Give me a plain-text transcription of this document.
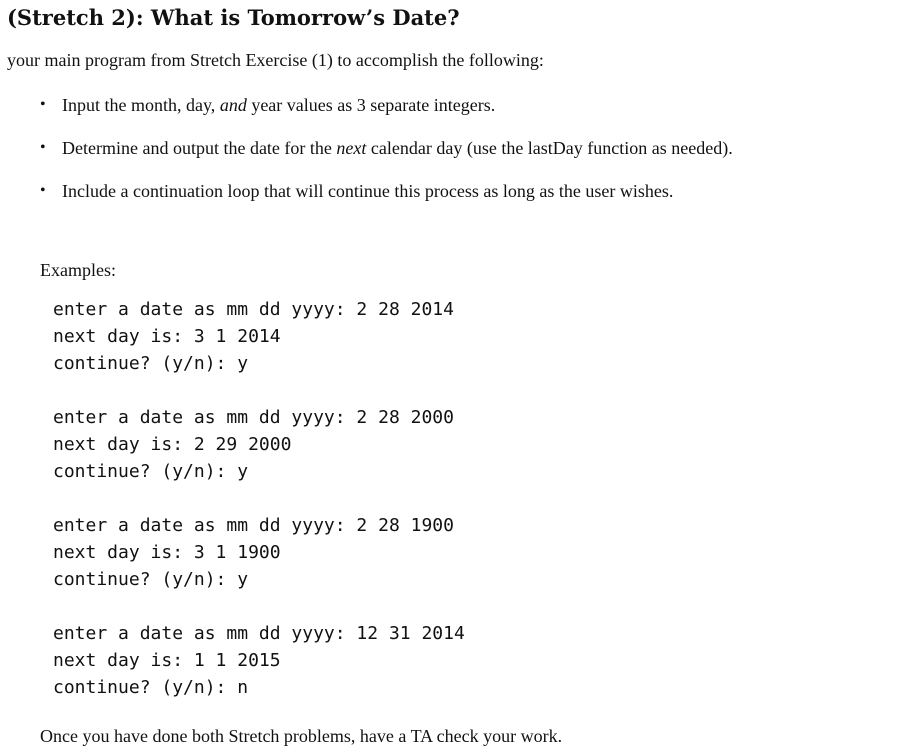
(Stretch 2): What is Tomorrow’s Date?

your main program from Stretch Exercise (1) to accomplish the following:

• Input the month, day, and year values as 3 separate integers.
• Determine and output the date for the next calendar day (use the lastDay function as needed).
• Include a continuation loop that will continue this process as long as the user wishes.

Examples:

enter a date as mm dd yyyy: 2 28 2014
next day is: 3 1 2014
continue? (y/n): y
enter a date as mm dd yyyy: 2 28 2000
next day is: 2 29 2000
continue? (y/n): y
enter a date as mm dd yyyy: 2 28 1900
next day is: 3 1 1900
continue? (y/n): y
enter a date as mm dd yyyy: 12 31 2014
next day is: 1 1 2015
continue? (y/n): n

Once you have done both Stretch problems, have a TA check your work.
